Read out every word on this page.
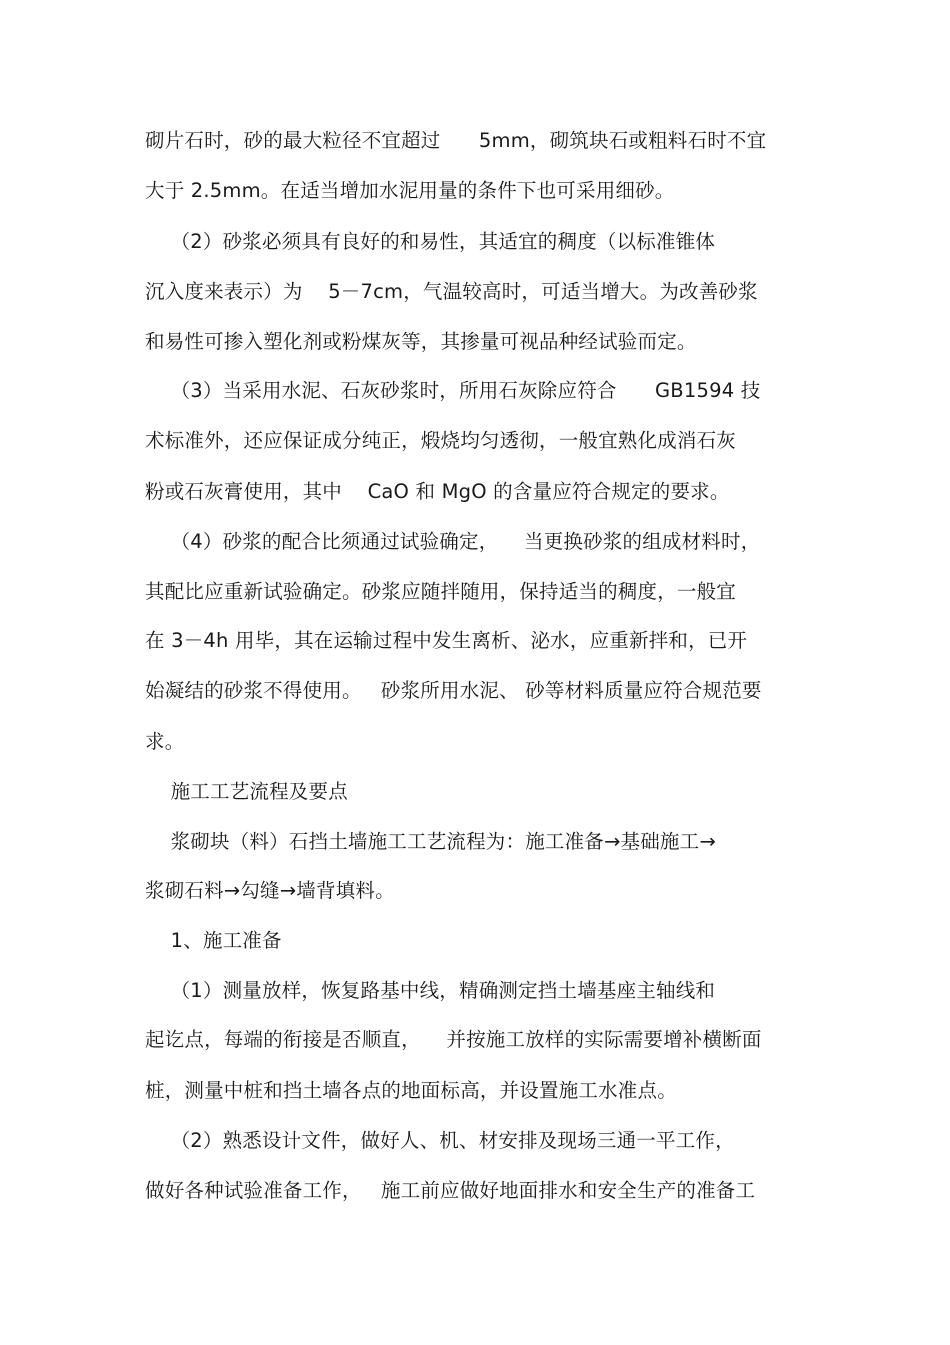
砌片石时，砂的最大粒径不宜超过      5mm，砌筑块石或粗料石时不宜
大于 2.5mm。在适当增加水泥用量的条件下也可采用细砂。
（2）砂浆必须具有良好的和易性，其适宜的稠度（以标准锥体
沉入度来表示）为    5－7cm，气温较高时，可适当增大。为改善砂浆
和易性可掺入塑化剂或粉煤灰等，其掺量可视品种经试验而定。
（3）当采用水泥、石灰砂浆时，所用石灰除应符合      GB1594 技
术标准外，还应保证成分纯正，煅烧均匀透彻，一般宜熟化成消石灰
粉或石灰膏使用，其中    CaO 和 MgO 的含量应符合规定的要求。
（4）砂浆的配合比须通过试验确定，    当更换砂浆的组成材料时，
其配比应重新试验确定。砂浆应随拌随用，保持适当的稠度，一般宜
在 3－4h 用毕，其在运输过程中发生离析、泌水，应重新拌和，已开
始凝结的砂浆不得使用。   砂浆所用水泥、 砂等材料质量应符合规范要
求。
施工工艺流程及要点
浆砌块（料）石挡土墙施工工艺流程为：施工准备→基础施工→
浆砌石料→勾缝→墙背填料。
1、施工准备
（1）测量放样，恢复路基中线，精确测定挡土墙基座主轴线和
起讫点，每端的衔接是否顺直，    并按施工放样的实际需要增补横断面
桩，测量中桩和挡土墙各点的地面标高，并设置施工水准点。
（2）熟悉设计文件，做好人、机、材安排及现场三通一平工作，
做好各种试验准备工作，   施工前应做好地面排水和安全生产的准备工
